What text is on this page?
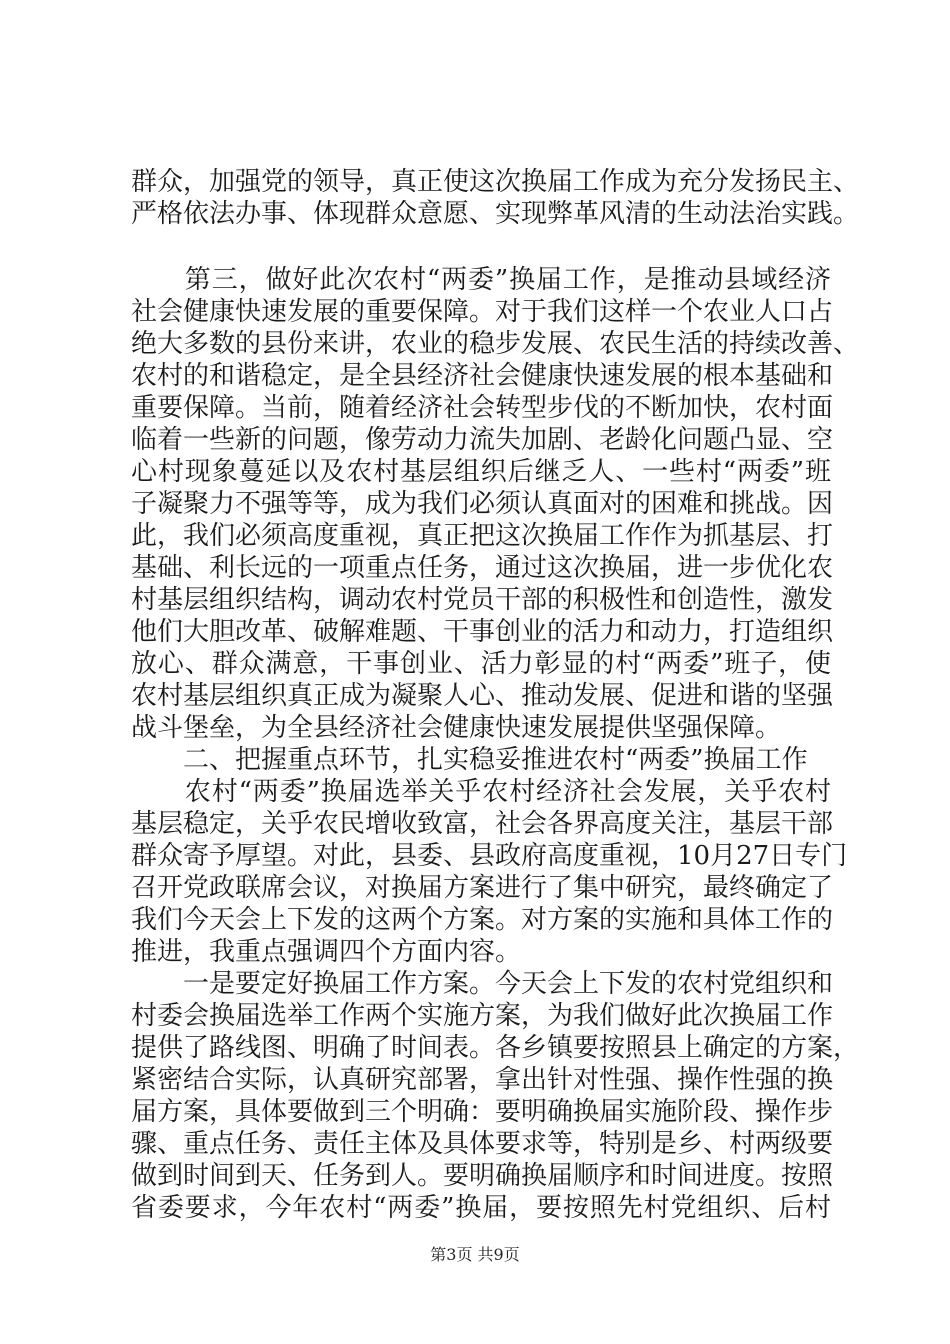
群众，加强党的领导，真正使这次换届工作成为充分发扬民主、
严格依法办事、体现群众意愿、实现弊革风清的生动法治实践。
　　第三，做好此次农村“两委”换届工作，是推动县域经济
社会健康快速发展的重要保障。对于我们这样一个农业人口占
绝大多数的县份来讲，农业的稳步发展、农民生活的持续改善、
农村的和谐稳定，是全县经济社会健康快速发展的根本基础和
重要保障。当前，随着经济社会转型步伐的不断加快，农村面
临着一些新的问题，像劳动力流失加剧、老龄化问题凸显、空
心村现象蔓延以及农村基层组织后继乏人、一些村“两委”班
子凝聚力不强等等，成为我们必须认真面对的困难和挑战。因
此，我们必须高度重视，真正把这次换届工作作为抓基层、打
基础、利长远的一项重点任务，通过这次换届，进一步优化农
村基层组织结构，调动农村党员干部的积极性和创造性，激发
他们大胆改革、破解难题、干事创业的活力和动力，打造组织
放心、群众满意，干事创业、活力彰显的村“两委”班子，使
农村基层组织真正成为凝聚人心、推动发展、促进和谐的坚强
战斗堡垒，为全县经济社会健康快速发展提供坚强保障。
　　二、把握重点环节，扎实稳妥推进农村“两委”换届工作
　　农村“两委”换届选举关乎农村经济社会发展，关乎农村
基层稳定，关乎农民增收致富，社会各界高度关注，基层干部
群众寄予厚望。对此，县委、县政府高度重视，10月27日专门
召开党政联席会议，对换届方案进行了集中研究，最终确定了
我们今天会上下发的这两个方案。对方案的实施和具体工作的
推进，我重点强调四个方面内容。
　　一是要定好换届工作方案。今天会上下发的农村党组织和
村委会换届选举工作两个实施方案，为我们做好此次换届工作
提供了路线图、明确了时间表。各乡镇要按照县上确定的方案，
紧密结合实际，认真研究部署，拿出针对性强、操作性强的换
届方案，具体要做到三个明确：要明确换届实施阶段、操作步
骤、重点任务、责任主体及具体要求等，特别是乡、村两级要
做到时间到天、任务到人。要明确换届顺序和时间进度。按照
省委要求，今年农村“两委”换届，要按照先村党组织、后村
第3页 共9页
